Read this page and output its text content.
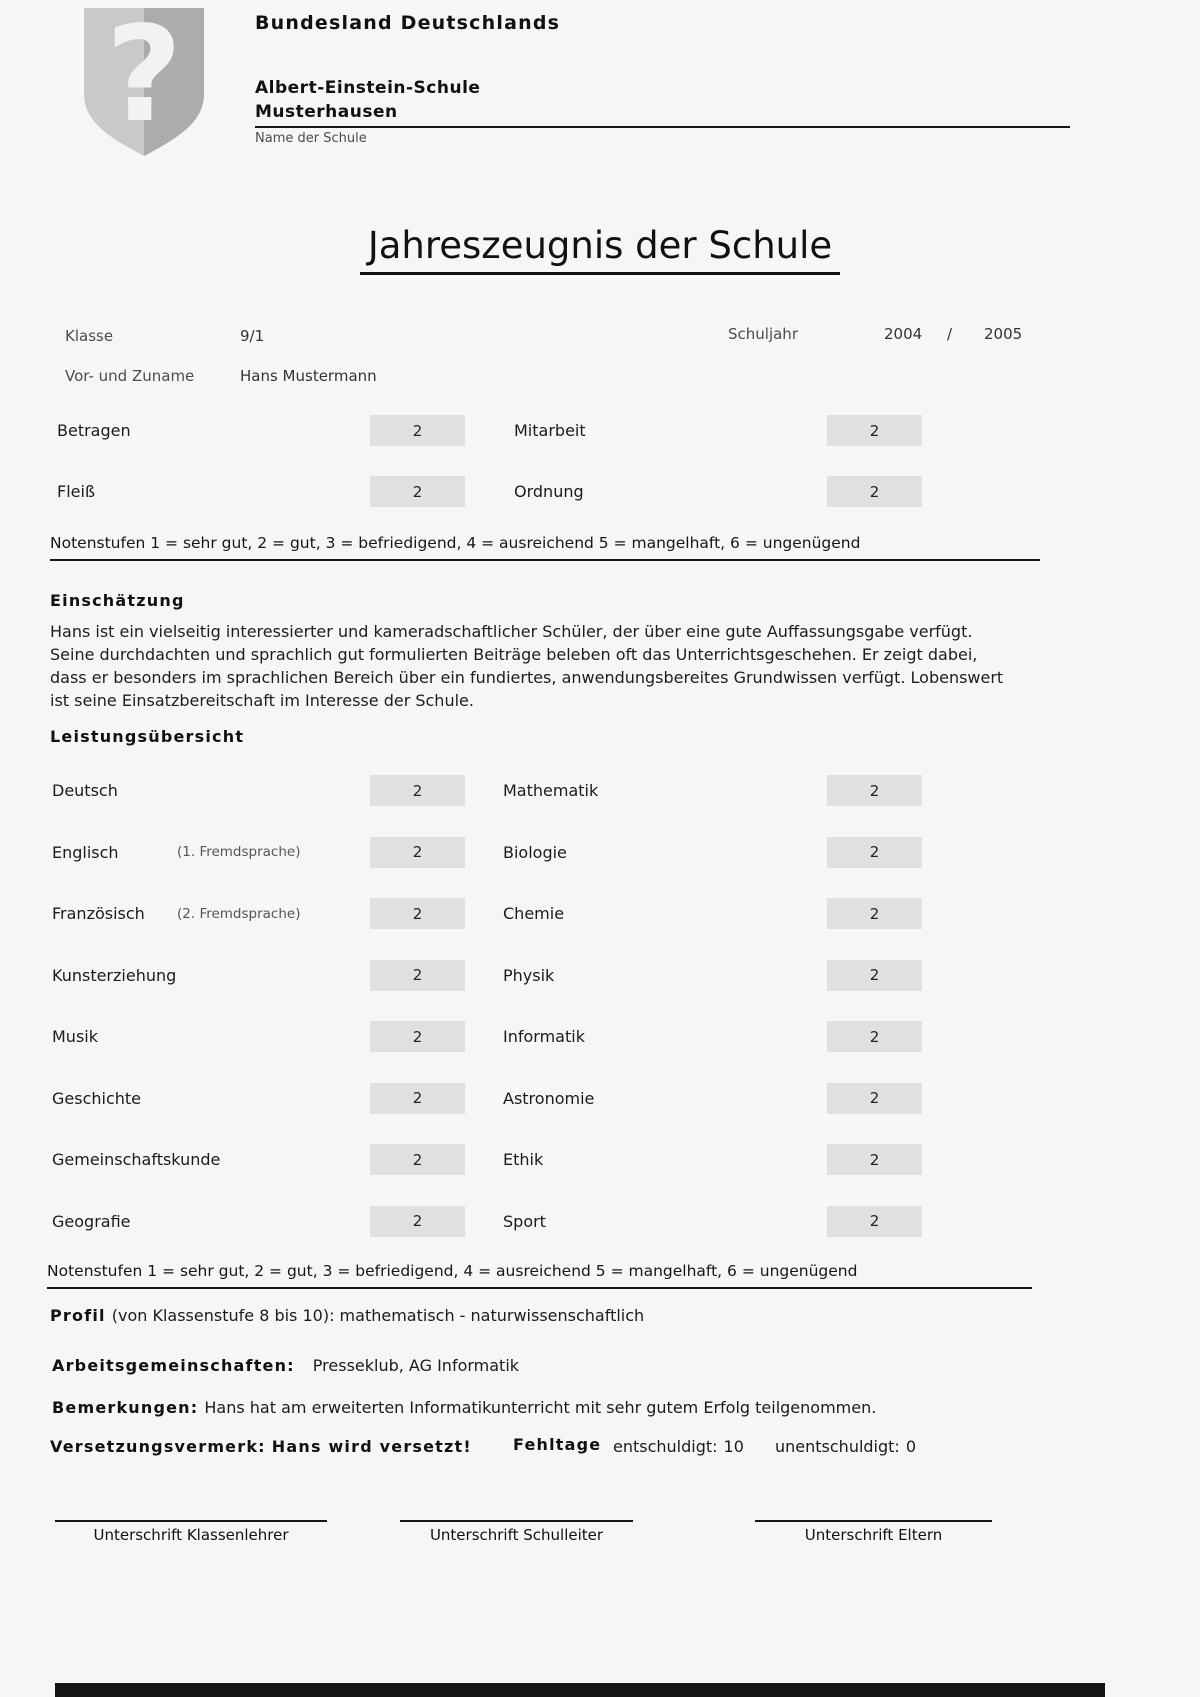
?	Bundesland Deutschlands
Albert-Einstein-Schule
Musterhausen
Name der Schule
Jahreszeugnis der Schule
Klasse	9/1	Schuljahr	2004 / 2005
Vor- und Zuname	Hans Mustermann
Betragen	2	Mitarbeit	2
Fleiß	2	Ordnung	2
Notenstufen 1 = sehr gut, 2 = gut, 3 = befriedigend, 4 = ausreichend 5 = mangelhaft, 6 = ungenügend
Einschätzung
Hans ist ein vielseitig interessierter und kameradschaftlicher Schüler, der über eine gute Auffassungsgabe verfügt. Seine durchdachten und sprachlich gut formulierten Beiträge beleben oft das Unterrichtsgeschehen. Er zeigt dabei, dass er besonders im sprachlichen Bereich über ein fundiertes, anwendungsbereites Grundwissen verfügt. Lobenswert ist seine Einsatzbereitschaft im Interesse der Schule.
Leistungsübersicht
Deutsch	2	Mathematik	2
Englisch	(1. Fremdsprache)	2	Biologie	2
Französisch	(2. Fremdsprache)	2	Chemie	2
Kunsterziehung	2	Physik	2
Musik	2	Informatik	2
Geschichte	2	Astronomie	2
Gemeinschaftskunde	2	Ethik	2
Geografie	2	Sport	2
Notenstufen 1 = sehr gut, 2 = gut, 3 = befriedigend, 4 = ausreichend 5 = mangelhaft, 6 = ungenügend
Profil (von Klassenstufe 8 bis 10): mathematisch - naturwissenschaftlich
Arbeitsgemeinschaften: Presseklub, AG Informatik
Bemerkungen: Hans hat am erweiterten Informatikunterricht mit sehr gutem Erfolg teilgenommen.
Versetzungsvermerk: Hans wird versetzt!	Fehltage entschuldigt: 10 unentschuldigt: 0
Unterschrift Klassenlehrer	Unterschrift Schulleiter	Unterschrift Eltern
